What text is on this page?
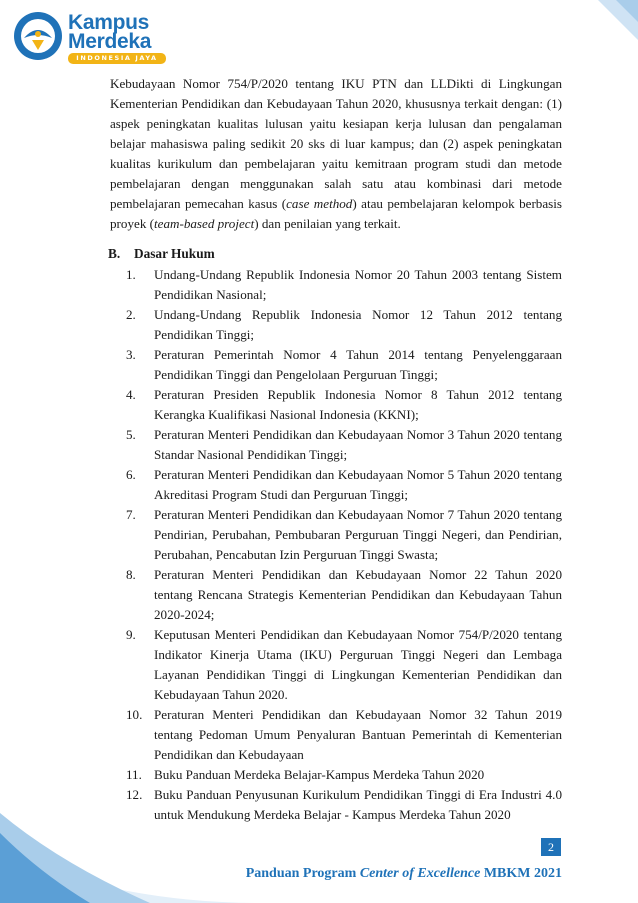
Kampus
Merdeka
INDONESIA JAYA

Kebudayaan Nomor 754/P/2020 tentang IKU PTN dan LLDikti di Lingkungan Kementerian Pendidikan dan Kebudayaan Tahun 2020, khususnya terkait dengan: (1) aspek peningkatan kualitas lulusan yaitu kesiapan kerja lulusan dan pengalaman belajar mahasiswa paling sedikit 20 sks di luar kampus; dan (2) aspek peningkatan kualitas kurikulum dan pembelajaran yaitu kemitraan program studi dan metode pembelajaran dengan menggunakan salah satu atau kombinasi dari metode pembelajaran pemecahan kasus (case method) atau pembelajaran kelompok berbasis proyek (team-based project) dan penilaian yang terkait.

B. Dasar Hukum
1. Undang-Undang Republik Indonesia Nomor 20 Tahun 2003 tentang Sistem Pendidikan Nasional;
2. Undang-Undang Republik Indonesia Nomor 12 Tahun 2012 tentang Pendidikan Tinggi;
3. Peraturan Pemerintah Nomor 4 Tahun 2014 tentang Penyelenggaraan Pendidikan Tinggi dan Pengelolaan Perguruan Tinggi;
4. Peraturan Presiden Republik Indonesia Nomor 8 Tahun 2012 tentang Kerangka Kualifikasi Nasional Indonesia (KKNI);
5. Peraturan Menteri Pendidikan dan Kebudayaan Nomor 3 Tahun 2020 tentang Standar Nasional Pendidikan Tinggi;
6. Peraturan Menteri Pendidikan dan Kebudayaan Nomor 5 Tahun 2020 tentang Akreditasi Program Studi dan Perguruan Tinggi;
7. Peraturan Menteri Pendidikan dan Kebudayaan Nomor 7 Tahun 2020 tentang Pendirian, Perubahan, Pembubaran Perguruan Tinggi Negeri, dan Pendirian, Perubahan, Pencabutan Izin Perguruan Tinggi Swasta;
8. Peraturan Menteri Pendidikan dan Kebudayaan Nomor 22 Tahun 2020 tentang Rencana Strategis Kementerian Pendidikan dan Kebudayaan Tahun 2020-2024;
9. Keputusan Menteri Pendidikan dan Kebudayaan Nomor 754/P/2020 tentang Indikator Kinerja Utama (IKU) Perguruan Tinggi Negeri dan Lembaga Layanan Pendidikan Tinggi di Lingkungan Kementerian Pendidikan dan Kebudayaan Tahun 2020.
10. Peraturan Menteri Pendidikan dan Kebudayaan Nomor 32 Tahun 2019 tentang Pedoman Umum Penyaluran Bantuan Pemerintah di Kementerian Pendidikan dan Kebudayaan
11. Buku Panduan Merdeka Belajar-Kampus Merdeka Tahun 2020
12. Buku Panduan Penyusunan Kurikulum Pendidikan Tinggi di Era Industri 4.0 untuk Mendukung Merdeka Belajar - Kampus Merdeka Tahun 2020
2
Panduan Program Center of Excellence MBKM 2021
